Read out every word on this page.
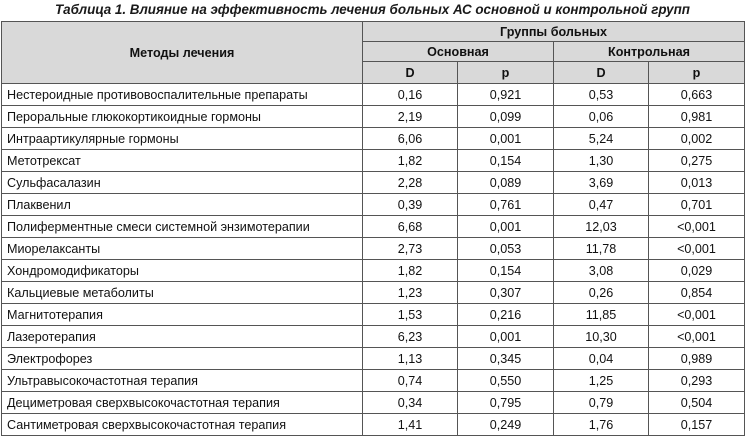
Таблица 1. Влияние на эффективность лечения больных АС основной и контрольной групп
Методы лечения	Группы больных			
	Основная		Контрольная	
	D	p	D	p
Нестероидные противовоспалительные препараты	0,16	0,921	0,53	0,663
Пероральные глюкокортикоидные гормоны	2,19	0,099	0,06	0,981
Интраартикулярные гормоны	6,06	0,001	5,24	0,002
Метотрексат	1,82	0,154	1,30	0,275
Сульфасалазин	2,28	0,089	3,69	0,013
Плаквенил	0,39	0,761	0,47	0,701
Полиферментные смеси системной энзимотерапии	6,68	0,001	12,03	<0,001
Миорелаксанты	2,73	0,053	11,78	<0,001
Хондромодификаторы	1,82	0,154	3,08	0,029
Кальциевые метаболиты	1,23	0,307	0,26	0,854
Магнитотерапия	1,53	0,216	11,85	<0,001
Лазеротерапия	6,23	0,001	10,30	<0,001
Электрофорез	1,13	0,345	0,04	0,989
Ультравысокочастотная терапия	0,74	0,550	1,25	0,293
Дециметровая сверхвысокочастотная терапия	0,34	0,795	0,79	0,504
Сантиметровая сверхвысокочастотная терапия	1,41	0,249	1,76	0,157
